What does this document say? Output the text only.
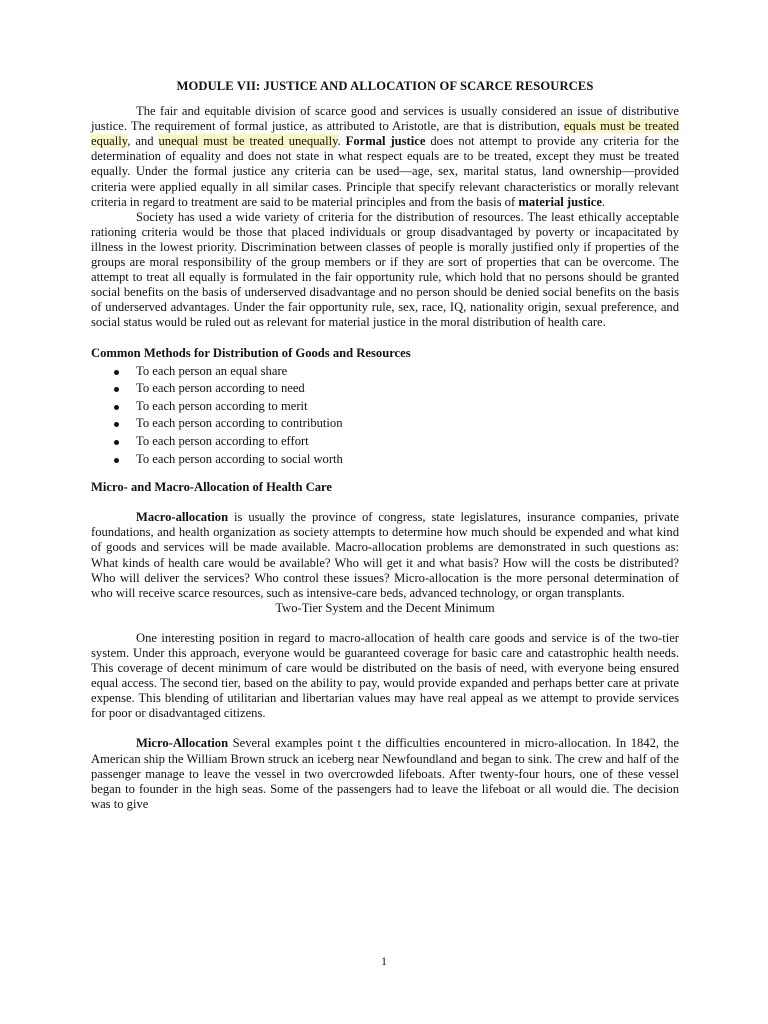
MODULE VII: JUSTICE AND ALLOCATION OF SCARCE RESOURCES

The fair and equitable division of scarce good and services is usually considered an issue of distributive justice. The requirement of formal justice, as attributed to Aristotle, are that is distribution, equals must be treated equally, and unequal must be treated unequally. Formal justice does not attempt to provide any criteria for the determination of equality and does not state in what respect equals are to be treated, except they must be treated equally. Under the formal justice any criteria can be used—age, sex, marital status, land ownership—provided criteria were applied equally in all similar cases. Principle that specify relevant characteristics or morally relevant criteria in regard to treatment are said to be material principles and from the basis of material justice.

Society has used a wide variety of criteria for the distribution of resources. The least ethically acceptable rationing criteria would be those that placed individuals or group disadvantaged by poverty or incapacitated by illness in the lowest priority. Discrimination between classes of people is morally justified only if properties of the groups are moral responsibility of the group members or if they are sort of properties that can be overcome. The attempt to treat all equally is formulated in the fair opportunity rule, which hold that no persons should be granted social benefits on the basis of underserved disadvantage and no person should be denied social benefits on the basis of underserved advantages. Under the fair opportunity rule, sex, race, IQ, nationality origin, sexual preference, and social status would be ruled out as relevant for material justice in the moral distribution of health care.

Common Methods for Distribution of Goods and Resources
To each person an equal share
To each person according to need
To each person according to merit
To each person according to contribution
To each person according to effort
To each person according to social worth
Micro- and Macro-Allocation of Health Care

Macro-allocation is usually the province of congress, state legislatures, insurance companies, private foundations, and health organization as society attempts to determine how much should be expended and what kind of goods and services will be made available. Macro-allocation problems are demonstrated in such questions as: What kinds of health care would be available? Who will get it and what basis? How will the costs be distributed? Who will deliver the services? Who control these issues? Micro-allocation is the more personal determination of who will receive scarce resources, such as intensive-care beds, advanced technology, or organ transplants.

Two-Tier System and the Decent Minimum

One interesting position in regard to macro-allocation of health care goods and service is of the two-tier system. Under this approach, everyone would be guaranteed coverage for basic care and catastrophic health needs. This coverage of decent minimum of care would be distributed on the basis of need, with everyone being ensured equal access. The second tier, based on the ability to pay, would provide expanded and perhaps better care at private expense. This blending of utilitarian and libertarian values may have real appeal as we attempt to provide services for poor or disadvantaged citizens.

Micro-Allocation Several examples point t the difficulties encountered in micro-allocation. In 1842, the American ship the William Brown struck an iceberg near Newfoundland and began to sink. The crew and half of the passenger manage to leave the vessel in two overcrowded lifeboats. After twenty-four hours, one of these vessel began to founder in the high seas. Some of the passengers had to leave the lifeboat or all would die. The decision was to give

1
